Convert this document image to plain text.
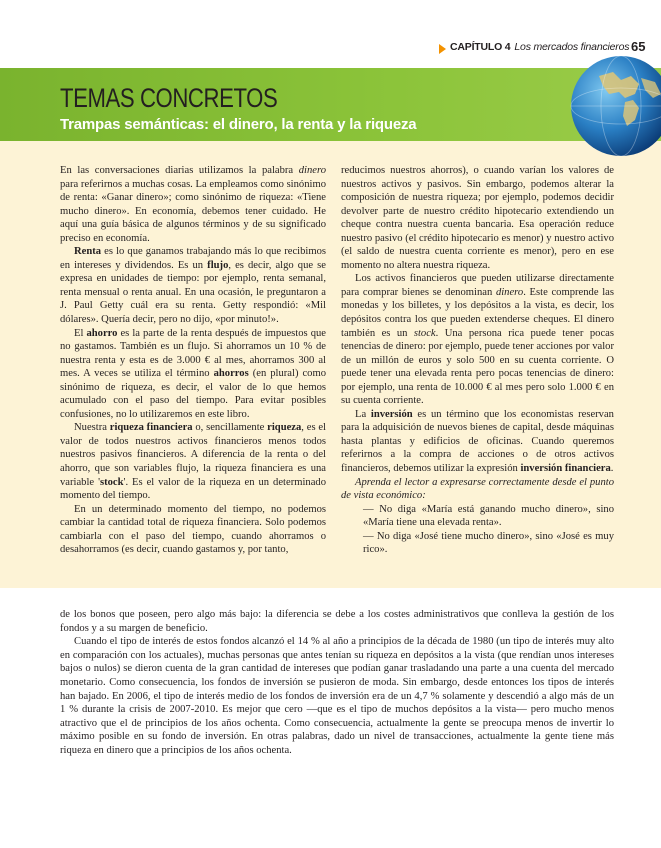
CAPÍTULO 4 Los mercados financieros 65
TEMAS CONCRETOS
Trampas semánticas: el dinero, la renta y la riqueza

En las conversaciones diarias utilizamos la palabra dinero para referirnos a muchas cosas. La empleamos como sinónimo de renta: «Ganar dinero»; como sinónimo de riqueza: «Tiene mucho dinero». En economía, debemos tener cuidado. He aquí una guía básica de algunos términos y de su significado preciso en economía.

Renta es lo que ganamos trabajando más lo que recibimos en intereses y dividendos. Es un flujo, es decir, algo que se expresa en unidades de tiempo: por ejemplo, renta semanal, renta mensual o renta anual. En una ocasión, le preguntaron a J. Paul Getty cuál era su renta. Getty respondió: «Mil dólares». Quería decir, pero no dijo, «por minuto!».

El ahorro es la parte de la renta después de impuestos que no gastamos. También es un flujo. Si ahorramos un 10 % de nuestra renta y esta es de 3.000 € al mes, ahorramos 300 al mes. A veces se utiliza el término ahorros (en plural) como sinónimo de riqueza, es decir, el valor de lo que hemos acumulado con el paso del tiempo. Para evitar posibles confusiones, no lo utilizaremos en este libro.

Nuestra riqueza financiera o, sencillamente riqueza, es el valor de todos nuestros activos financieros menos todos nuestros pasivos financieros. A diferencia de la renta o del ahorro, que son variables flujo, la riqueza financiera es una variable 'stock'. Es el valor de la riqueza en un determinado momento del tiempo.

En un determinado momento del tiempo, no podemos cambiar la cantidad total de riqueza financiera. Solo podemos cambiarla con el paso del tiempo, cuando ahorramos o desahorramos (es decir, cuando gastamos y, por tanto,

reducimos nuestros ahorros), o cuando varían los valores de nuestros activos y pasivos. Sin embargo, podemos alterar la composición de nuestra riqueza; por ejemplo, podemos decidir devolver parte de nuestro crédito hipotecario extendiendo un cheque contra nuestra cuenta bancaria. Esa operación reduce nuestro pasivo (el crédito hipotecario es menor) y nuestro activo (el saldo de nuestra cuenta corriente es menor), pero en ese momento no altera nuestra riqueza.

Los activos financieros que pueden utilizarse directamente para comprar bienes se denominan dinero. Este comprende las monedas y los billetes, y los depósitos a la vista, es decir, los depósitos contra los que pueden extenderse cheques. El dinero también es un stock. Una persona rica puede tener pocas tenencias de dinero: por ejemplo, puede tener acciones por valor de un millón de euros y solo 500 en su cuenta corriente. O puede tener una elevada renta pero pocas tenencias de dinero: por ejemplo, una renta de 10.000 € al mes pero solo 1.000 € en su cuenta corriente.

La inversión es un término que los economistas reservan para la adquisición de nuevos bienes de capital, desde máquinas hasta plantas y edificios de oficinas. Cuando queremos referirnos a la compra de acciones o de otros activos financieros, debemos utilizar la expresión inversión financiera.

Aprenda el lector a expresarse correctamente desde el punto de vista económico:

— No diga «María está ganando mucho dinero», sino «María tiene una elevada renta».

— No diga «José tiene mucho dinero», sino «José es muy rico».

de los bonos que poseen, pero algo más bajo: la diferencia se debe a los costes administrativos que conlleva la gestión de los fondos y a su margen de beneficio.

Cuando el tipo de interés de estos fondos alcanzó el 14 % al año a principios de la década de 1980 (un tipo de interés muy alto en comparación con los actuales), muchas personas que antes tenían su riqueza en depósitos a la vista (que rendían unos intereses bajos o nulos) se dieron cuenta de la gran cantidad de intereses que podían ganar trasladando una parte a una cuenta del mercado monetario. Como consecuencia, los fondos de inversión se pusieron de moda. Sin embargo, desde entonces los tipos de interés han bajado. En 2006, el tipo de interés medio de los fondos de inversión era de un 4,7 % solamente y descendió a algo más de un 1 % durante la crisis de 2007-2010. Es mejor que cero —que es el tipo de muchos depósitos a la vista— pero mucho menos atractivo que el de principios de los años ochenta. Como consecuencia, actualmente la gente se preocupa menos de invertir lo máximo posible en su fondo de inversión. En otras palabras, dado un nivel de transacciones, actualmente la gente tiene más riqueza en dinero que a principios de los años ochenta.
